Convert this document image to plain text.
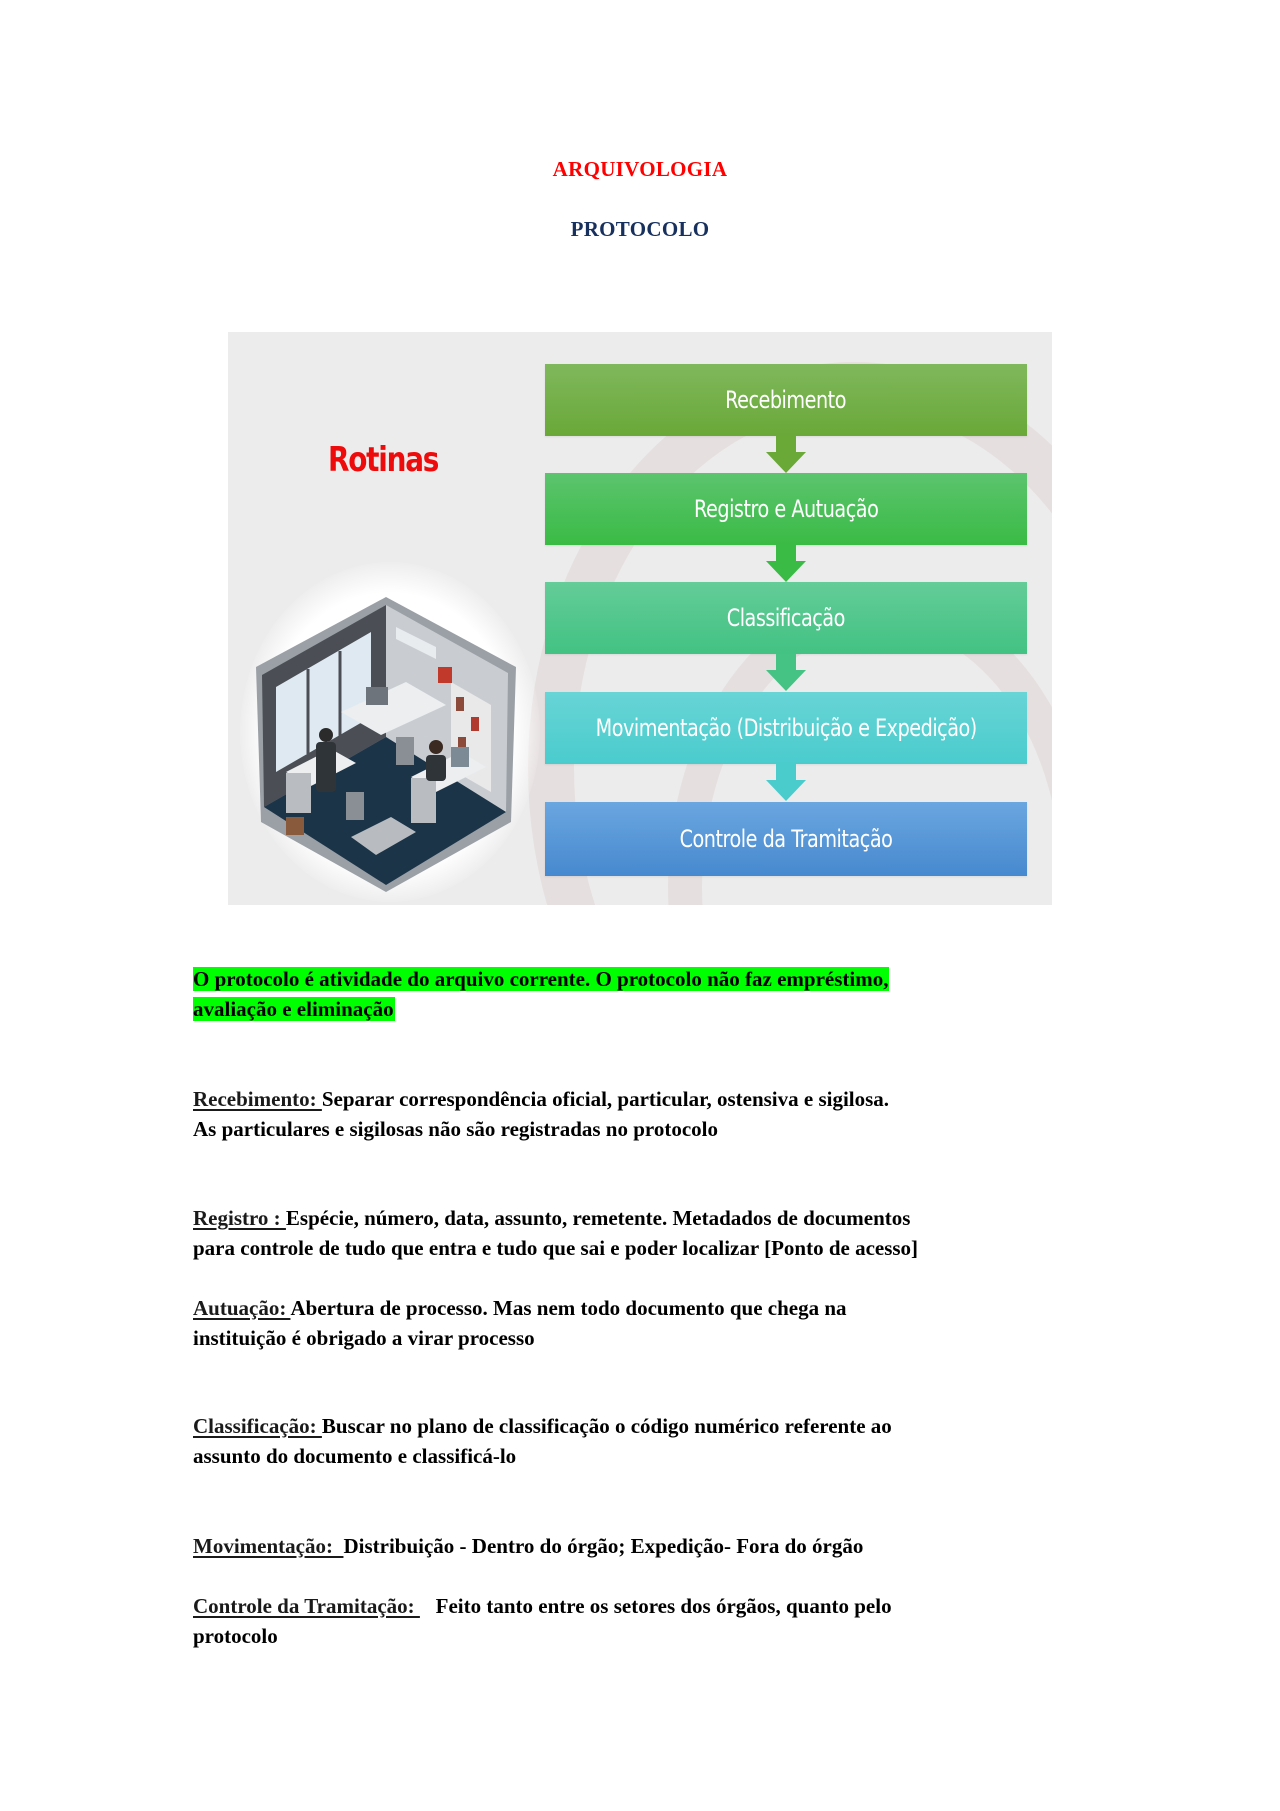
ARQUIVOLOGIA
PROTOCOLO
Rotinas
Recebimento
Registro e Autuação
Classificação
Movimentação (Distribuição e Expedição)
Controle da Tramitação
O protocolo é atividade do arquivo corrente. O protocolo não faz empréstimo,
avaliação e eliminação
Recebimento: Separar correspondência oficial, particular, ostensiva e sigilosa.
As particulares e sigilosas não são registradas no protocolo
Registro : Espécie, número, data, assunto, remetente. Metadados de documentos
para controle de tudo que entra e tudo que sai e poder localizar [Ponto de acesso]
Autuação: Abertura de processo. Mas nem todo documento que chega na
instituição é obrigado a virar processo
Classificação: Buscar no plano de classificação o código numérico referente ao
assunto do documento e classificá-lo
Movimentação:  Distribuição - Dentro do órgão; Expedição- Fora do órgão
Controle da Tramitação:    Feito tanto entre os setores dos órgãos, quanto pelo
protocolo
